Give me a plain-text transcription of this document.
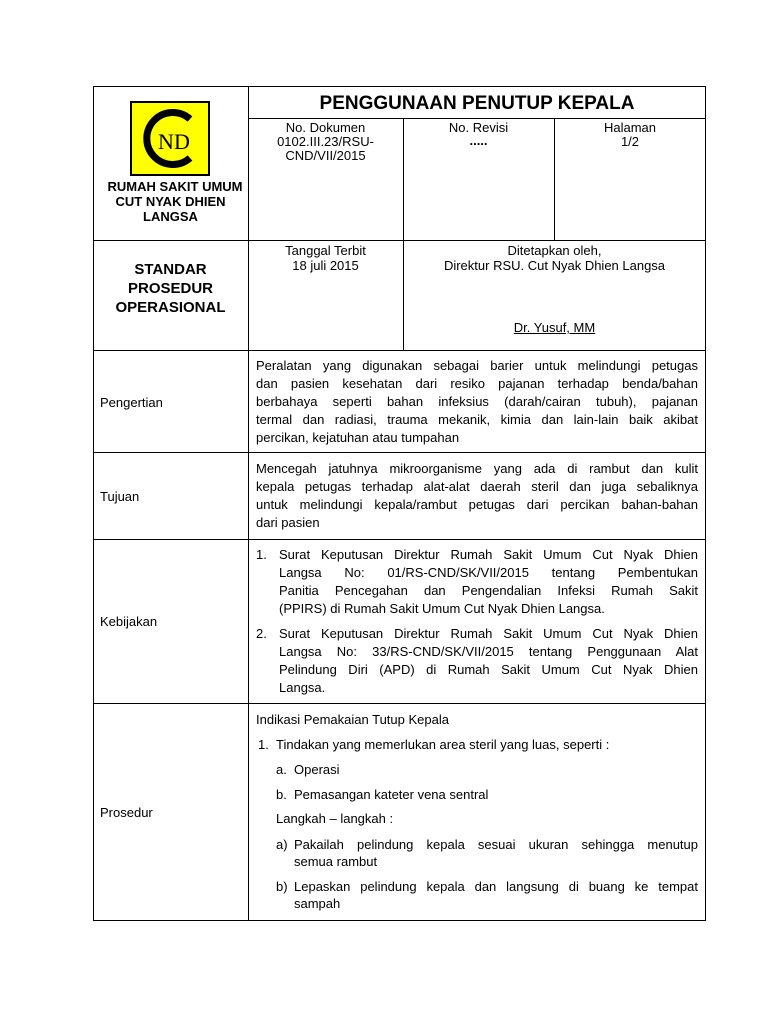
N D
RUMAH SAKIT UMUM
CUT NYAK DHIEN
LANGSA
PENGGUNAAN PENUTUP KEPALA
No. Dokumen
0102.III.23/RSU-
CND/VII/2015
No. Revisi
.....
Halaman
1/2
STANDAR
PROSEDUR
OPERASIONAL
Tanggal Terbit
18 juli 2015
Ditetapkan oleh,
Direktur RSU. Cut Nyak Dhien Langsa
Dr. Yusuf, MM
Pengertian
Peralatan yang digunakan sebagai barier untuk melindungi petugas
dan pasien kesehatan dari resiko pajanan terhadap benda/bahan
berbahaya seperti bahan infeksius (darah/cairan tubuh), pajanan
termal dan radiasi, trauma mekanik, kimia dan lain-lain baik akibat
percikan, kejatuhan atau tumpahan
Tujuan
Mencegah jatuhnya mikroorganisme yang ada di rambut dan kulit
kepala petugas terhadap alat-alat daerah steril dan juga sebaliknya
untuk melindungi kepala/rambut petugas dari percikan bahan-bahan
dari pasien
Kebijakan
1. Surat Keputusan Direktur Rumah Sakit Umum Cut Nyak Dhien
Langsa No: 01/RS-CND/SK/VII/2015 tentang Pembentukan
Panitia Pencegahan dan Pengendalian Infeksi Rumah Sakit
(PPIRS) di Rumah Sakit Umum Cut Nyak Dhien Langsa.
2. Surat Keputusan Direktur Rumah Sakit Umum Cut Nyak Dhien
Langsa No: 33/RS-CND/SK/VII/2015 tentang Penggunaan Alat
Pelindung Diri (APD) di Rumah Sakit Umum Cut Nyak Dhien
Langsa.
Prosedur
Indikasi Pemakaian Tutup Kepala
1. Tindakan yang memerlukan area steril yang luas, seperti :
a. Operasi
b. Pemasangan kateter vena sentral
Langkah – langkah :
a) Pakailah pelindung kepala sesuai ukuran sehingga menutup
semua rambut
b) Lepaskan pelindung kepala dan langsung di buang ke tempat
sampah
